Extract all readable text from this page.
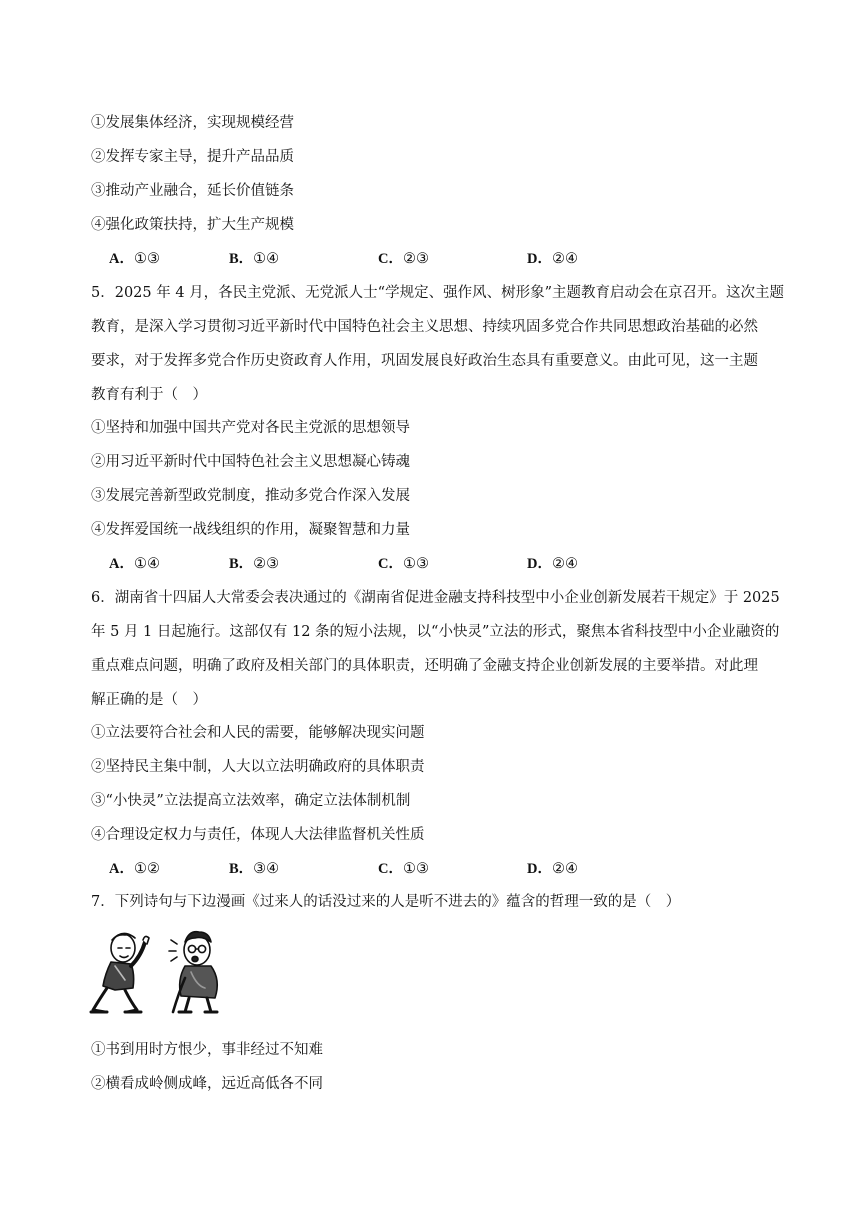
①发展集体经济，实现规模经营
②发挥专家主导，提升产品品质
③推动产业融合，延长价值链条
④强化政策扶持，扩大生产规模
A．①③	B．①④	C．②③	D．②④
5．2025 年 4 月，各民主党派、无党派人士“学规定、强作风、树形象”主题教育启动会在京召开。这次主题
教育，是深入学习贯彻习近平新时代中国特色社会主义思想、持续巩固多党合作共同思想政治基础的必然
要求，对于发挥多党合作历史资政育人作用，巩固发展良好政治生态具有重要意义。由此可见，这一主题
教育有利于（　）
①坚持和加强中国共产党对各民主党派的思想领导
②用习近平新时代中国特色社会主义思想凝心铸魂
③发展完善新型政党制度，推动多党合作深入发展
④发挥爱国统一战线组织的作用，凝聚智慧和力量
A．①④	B．②③	C．①③	D．②④
6．湖南省十四届人大常委会表决通过的《湖南省促进金融支持科技型中小企业创新发展若干规定》于 2025
年 5 月 1 日起施行。这部仅有 12 条的短小法规，以“小快灵”立法的形式，聚焦本省科技型中小企业融资的
重点难点问题，明确了政府及相关部门的具体职责，还明确了金融支持企业创新发展的主要举措。对此理
解正确的是（　）
①立法要符合社会和人民的需要，能够解决现实问题
②坚持民主集中制，人大以立法明确政府的具体职责
③“小快灵”立法提高立法效率，确定立法体制机制
④合理设定权力与责任，体现人大法律监督机关性质
A．①②	B．③④	C．①③	D．②④
7．下列诗句与下边漫画《过来人的话没过来的人是听不进去的》蕴含的哲理一致的是（　）
①书到用时方恨少，事非经过不知难
②横看成岭侧成峰，远近高低各不同
